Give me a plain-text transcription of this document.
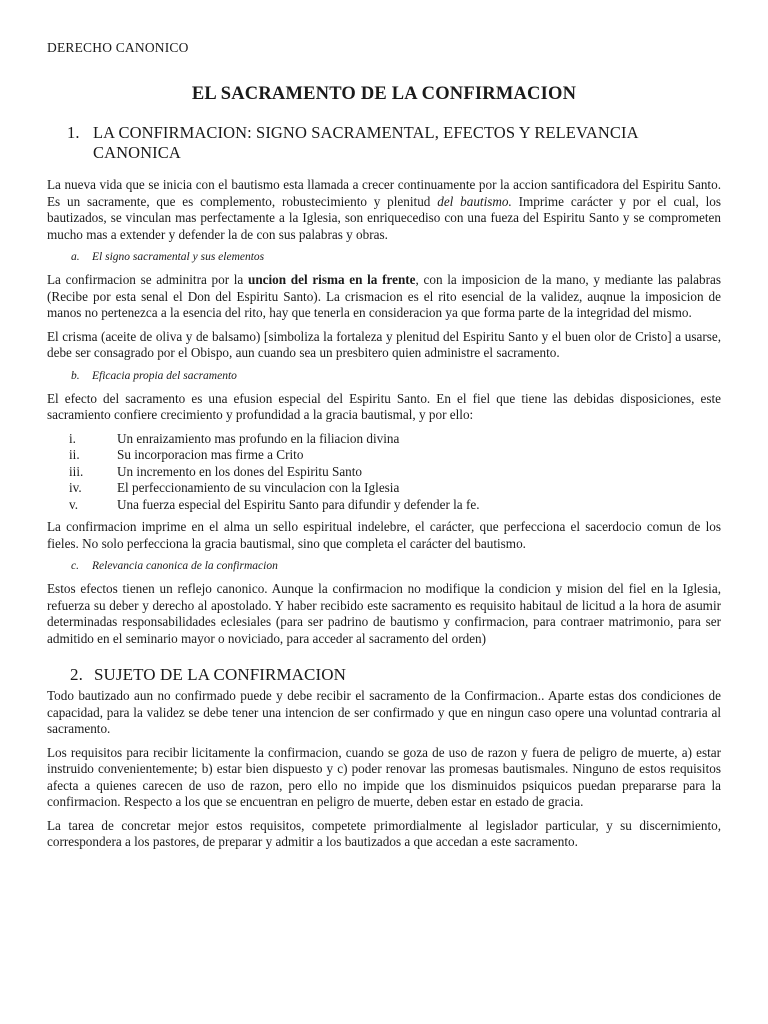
DERECHO CANONICO
EL SACRAMENTO DE LA CONFIRMACION
1. LA CONFIRMACION: SIGNO SACRAMENTAL, EFECTOS Y RELEVANCIA CANONICA

La nueva vida que se inicia con el bautismo esta llamada a crecer continuamente por la accion santificadora del Espiritu Santo. Es un sacramente, que es complemento, robustecimiento y plenitud del bautismo. Imprime carácter y por el cual, los bautizados, se vinculan mas perfectamente a la Iglesia, son enriquecediso con una fueza del Espiritu Santo y se comprometen mucho mas a extender y defender la de con sus palabras y obras.

a.	El signo sacramental y sus elementos

La confirmacion se adminitra por la uncion del risma en la frente, con la imposicion de la mano, y mediante las palabras (Recibe por esta senal el Don del Espiritu Santo). La crismacion es el rito esencial de la validez, auqnue la imposicion de manos no pertenezca a la esencia del rito, hay que tenerla en consideracion ya que forma parte de la integridad del mismo.

El crisma (aceite de oliva y de balsamo) [simboliza la fortaleza y plenitud del Espiritu Santo y el buen olor de Cristo] a usarse, debe ser consagrado por el Obispo, aun cuando sea un presbitero quien administre el sacramento.

b.	Eficacia propia del sacramento

El efecto del sacramento es una efusion especial del Espiritu Santo. En el fiel que tiene las debidas disposiciones, este sacramiento confiere crecimiento y profundidad a la gracia bautismal, y por ello:

i.	Un enraizamiento mas profundo en la filiacion divina
ii.	Su incorporacion mas firme a Crito
iii.	Un incremento en los dones del Espiritu Santo
iv.	El perfeccionamiento de su vinculacion con la Iglesia
v.	Una fuerza especial del Espiritu Santo para difundir y defender la fe.

La confirmacion imprime en el alma un sello espiritual indelebre, el carácter, que perfecciona el sacerdocio comun de los fieles. No solo perfecciona la gracia bautismal, sino que completa el carácter del bautismo.

c.	Relevancia canonica de la confirmacion

Estos efectos tienen un reflejo canonico. Aunque la confirmacion no modifique la condicion y mision del fiel en la Iglesia, refuerza su deber y derecho al apostolado. Y haber recibido este sacramento es requisito habitaul de licitud a la hora de asumir determinadas responsabilidades eclesiales (para ser padrino de bautismo y confirmacion, para contraer matrimonio, para ser admitido en el seminario mayor o noviciado, para acceder al sacramento del orden)

2. SUJETO DE LA CONFIRMACION

Todo bautizado aun no confirmado puede y debe recibir el sacramento de la Confirmacion.. Aparte estas dos condiciones de capacidad, para la validez se debe tener una intencion de ser confirmado y que en ningun caso opere una voluntad contraria al sacramento.

Los requisitos para recibir licitamente la confirmacion, cuando se goza de uso de razon y fuera de peligro de muerte, a) estar instruido convenientemente; b) estar bien dispuesto y c) poder renovar las promesas bautismales. Ninguno de estos requisitos afecta a quienes carecen de uso de razon, pero ello no impide que los disminuidos psiquicos puedan prepararse para la confirmacion. Respecto a los que se encuentran en peligro de muerte, deben estar en estado de gracia.

La tarea de concretar mejor estos requisitos, competete primordialmente al legislador particular, y su discernimiento, correspondera a los pastores, de preparar y admitir a los bautizados a que accedan a este sacramento.
